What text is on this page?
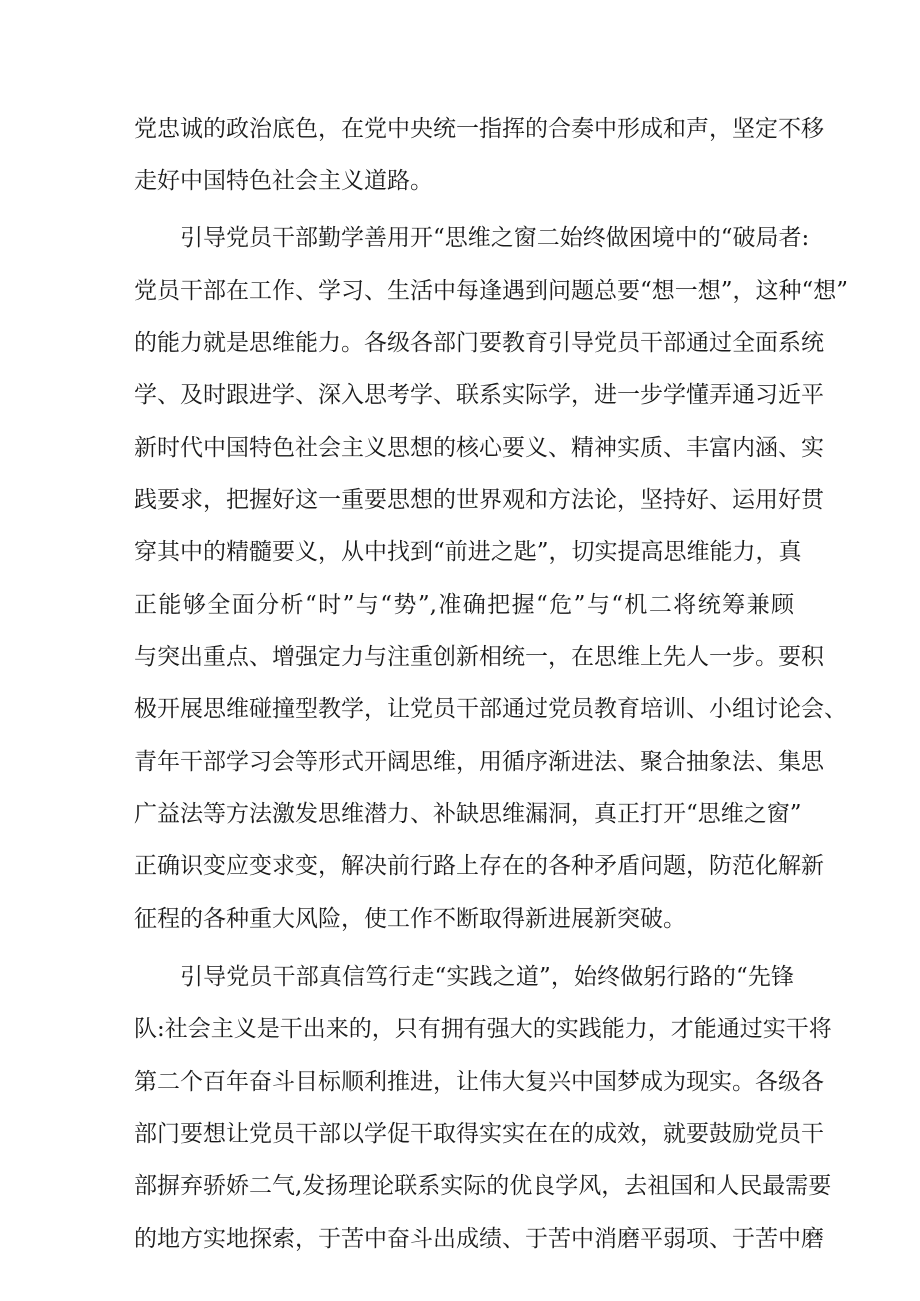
党忠诚的政治底色，在党中央统一指挥的合奏中形成和声，坚定不移
走好中国特色社会主义道路。
引导党员干部勤学善用开“思维之窗二始终做困境中的“破局者:
党员干部在工作、学习、生活中每逢遇到问题总要“想一想”，这种“想”
的能力就是思维能力。各级各部门要教育引导党员干部通过全面系统
学、及时跟进学、深入思考学、联系实际学，进一步学懂弄通习近平
新时代中国特色社会主义思想的核心要义、精神实质、丰富内涵、实
践要求，把握好这一重要思想的世界观和方法论，坚持好、运用好贯
穿其中的精髓要义，从中找到“前进之匙”，切实提高思维能力，真
正能够全面分析“时”与“势”,准确把握“危”与“机二将统筹兼顾
与突出重点、增强定力与注重创新相统一，在思维上先人一步。要积
极开展思维碰撞型教学，让党员干部通过党员教育培训、小组讨论会、
青年干部学习会等形式开阔思维，用循序渐进法、聚合抽象法、集思
广益法等方法激发思维潜力、补缺思维漏洞，真正打开“思维之窗”
正确识变应变求变，解决前行路上存在的各种矛盾问题，防范化解新
征程的各种重大风险，使工作不断取得新进展新突破。
引导党员干部真信笃行走“实践之道”，始终做躬行路的“先锋
队:社会主义是干出来的，只有拥有强大的实践能力，才能通过实干将
第二个百年奋斗目标顺利推进，让伟大复兴中国梦成为现实。各级各
部门要想让党员干部以学促干取得实实在在的成效，就要鼓励党员干
部摒弃骄娇二气,发扬理论联系实际的优良学风，去祖国和人民最需要
的地方实地探索，于苦中奋斗出成绩、于苦中消磨平弱项、于苦中磨
